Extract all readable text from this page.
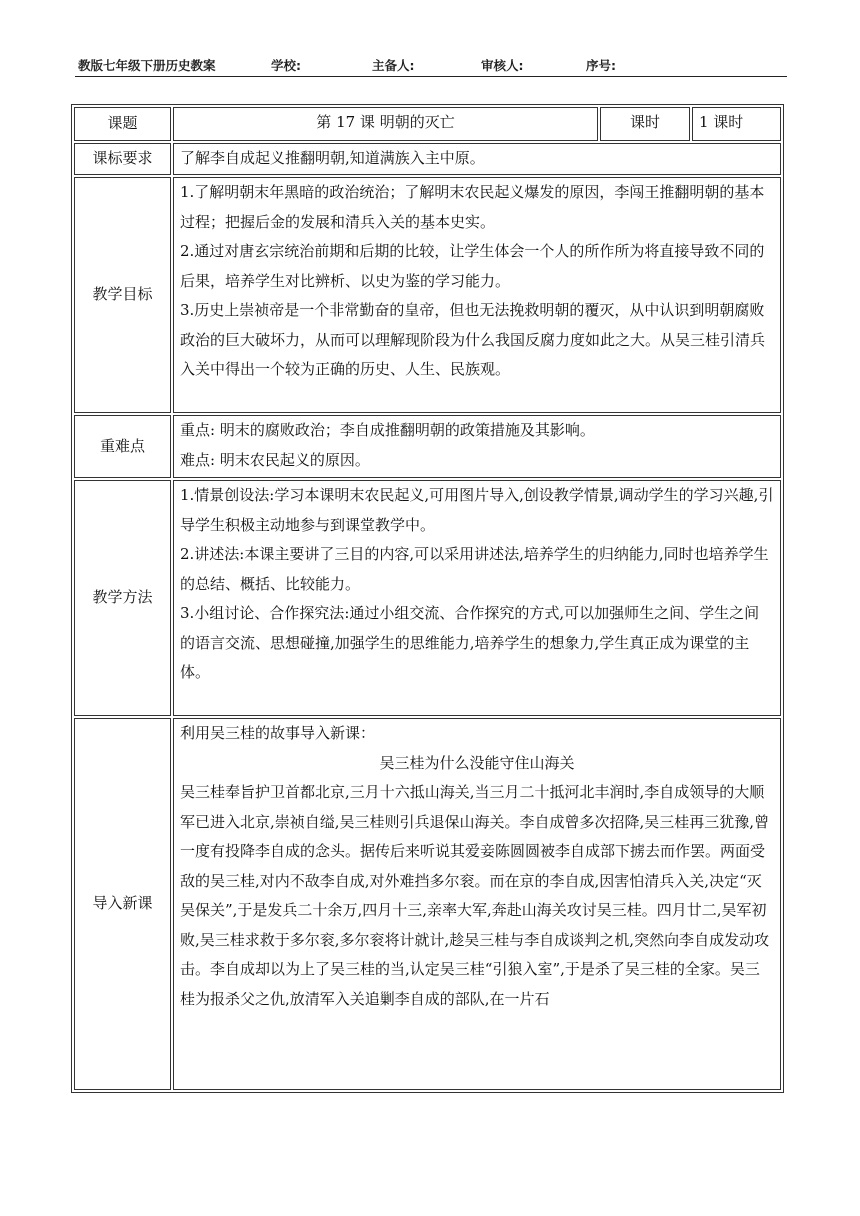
教版七年级下册历史教案	学校:	主备人:	审核人:	序号:
课题	第 17 课 明朝的灭亡	课时	1 课时
课标要求	了解李自成起义推翻明朝,知道满族入主中原。		
教学目标	1.了解明朝末年黑暗的政治统治；了解明末农民起义爆发的原因，李闯王推翻明朝的基本过程；把握后金的发展和清兵入关的基本史实。

2.通过对唐玄宗统治前期和后期的比较，让学生体会一个人的所作所为将直接导致不同的后果，培养学生对比辨析、以史为鉴的学习能力。

3.历史上崇祯帝是一个非常勤奋的皇帝，但也无法挽救明朝的覆灭，从中认识到明朝腐败政治的巨大破坏力，从而可以理解现阶段为什么我国反腐力度如此之大。从吴三桂引清兵入关中得出一个较为正确的历史、人生、民族观。		

重难点	重点: 明末的腐败政治；李自成推翻明朝的政策措施及其影响。

难点: 明末农民起义的原因。		

教学方法	1.情景创设法:学习本课明末农民起义,可用图片导入,创设教学情景,调动学生的学习兴趣,引导学生积极主动地参与到课堂教学中。

2.讲述法:本课主要讲了三目的内容,可以采用讲述法,培养学生的归纳能力,同时也培养学生的总结、概括、比较能力。

3.小组讨论、合作探究法:通过小组交流、合作探究的方式,可以加强师生之间、学生之间的语言交流、思想碰撞,加强学生的思维能力,培养学生的想象力,学生真正成为课堂的主体。		

导入新课	利用吴三桂的故事导入新课：

吴三桂为什么没能守住山海关

吴三桂奉旨护卫首都北京,三月十六抵山海关,当三月二十抵河北丰润时,李自成领导的大顺军已进入北京,崇祯自缢,吴三桂则引兵退保山海关。李自成曾多次招降,吴三桂再三犹豫,曾一度有投降李自成的念头。据传后来听说其爱妾陈圆圆被李自成部下掳去而作罢。两面受敌的吴三桂,对内不敌李自成,对外难挡多尔衮。而在京的李自成,因害怕清兵入关,决定“灭吴保关”,于是发兵二十余万,四月十三,亲率大军,奔赴山海关攻讨吴三桂。四月廿二,吴军初败,吴三桂求救于多尔衮,多尔衮将计就计,趁吴三桂与李自成谈判之机,突然向李自成发动攻击。李自成却以为上了吴三桂的当,认定吴三桂“引狼入室”,于是杀了吴三桂的全家。吴三桂为报杀父之仇,放清军入关追剿李自成的部队,在一片石		
